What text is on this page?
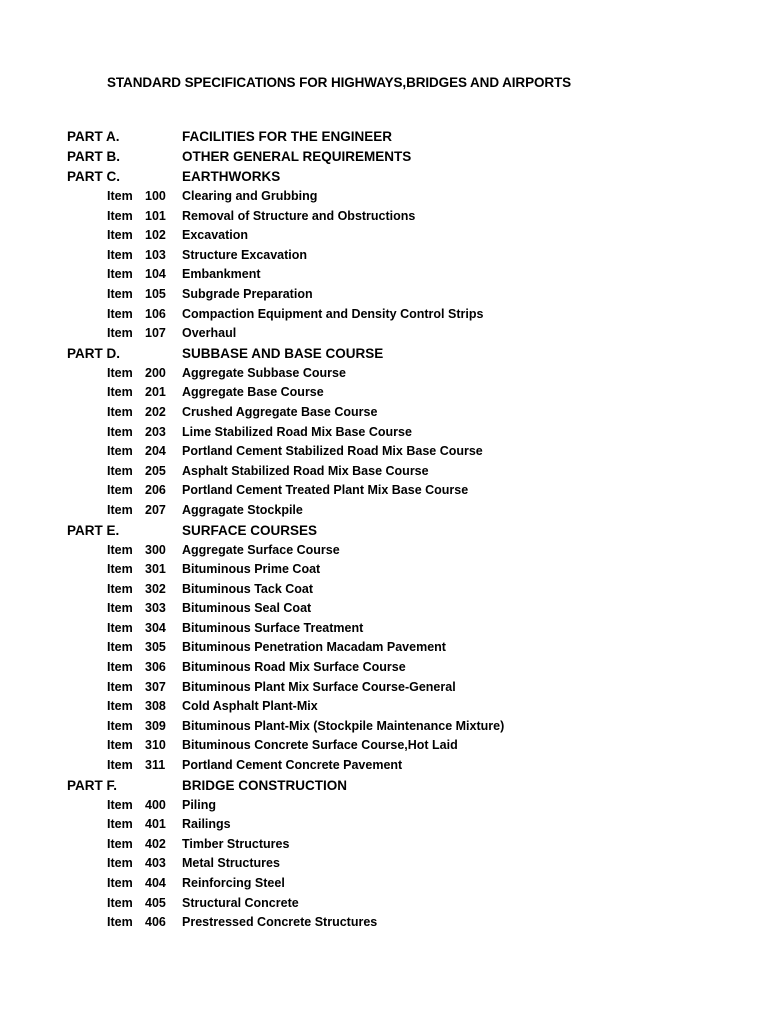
STANDARD SPECIFICATIONS FOR HIGHWAYS,BRIDGES AND AIRPORTS
PART A.	FACILITIES FOR THE ENGINEER
PART B.	OTHER GENERAL REQUIREMENTS
PART C.	EARTHWORKS
Item 100 Clearing and Grubbing
Item 101 Removal of Structure and Obstructions
Item 102 Excavation
Item 103 Structure Excavation
Item 104 Embankment
Item 105 Subgrade Preparation
Item 106 Compaction Equipment and Density Control Strips
Item 107 Overhaul
PART D.	SUBBASE AND BASE COURSE
Item 200 Aggregate Subbase Course
Item 201 Aggregate Base Course
Item 202 Crushed Aggregate Base Course
Item 203 Lime Stabilized Road Mix Base Course
Item 204 Portland Cement Stabilized Road Mix Base Course
Item 205 Asphalt Stabilized Road Mix Base Course
Item 206 Portland Cement Treated Plant Mix Base Course
Item 207 Aggragate Stockpile
PART E.	SURFACE COURSES
Item 300 Aggregate Surface Course
Item 301 Bituminous Prime Coat
Item 302 Bituminous Tack Coat
Item 303 Bituminous Seal Coat
Item 304 Bituminous Surface Treatment
Item 305 Bituminous Penetration Macadam Pavement
Item 306 Bituminous Road Mix Surface Course
Item 307 Bituminous Plant Mix Surface Course-General
Item 308 Cold Asphalt Plant-Mix
Item 309 Bituminous Plant-Mix (Stockpile Maintenance Mixture)
Item 310 Bituminous Concrete Surface Course,Hot Laid
Item 311 Portland Cement Concrete Pavement
PART F.	BRIDGE CONSTRUCTION
Item 400 Piling
Item 401 Railings
Item 402 Timber Structures
Item 403 Metal Structures
Item 404 Reinforcing Steel
Item 405 Structural Concrete
Item 406 Prestressed Concrete Structures
